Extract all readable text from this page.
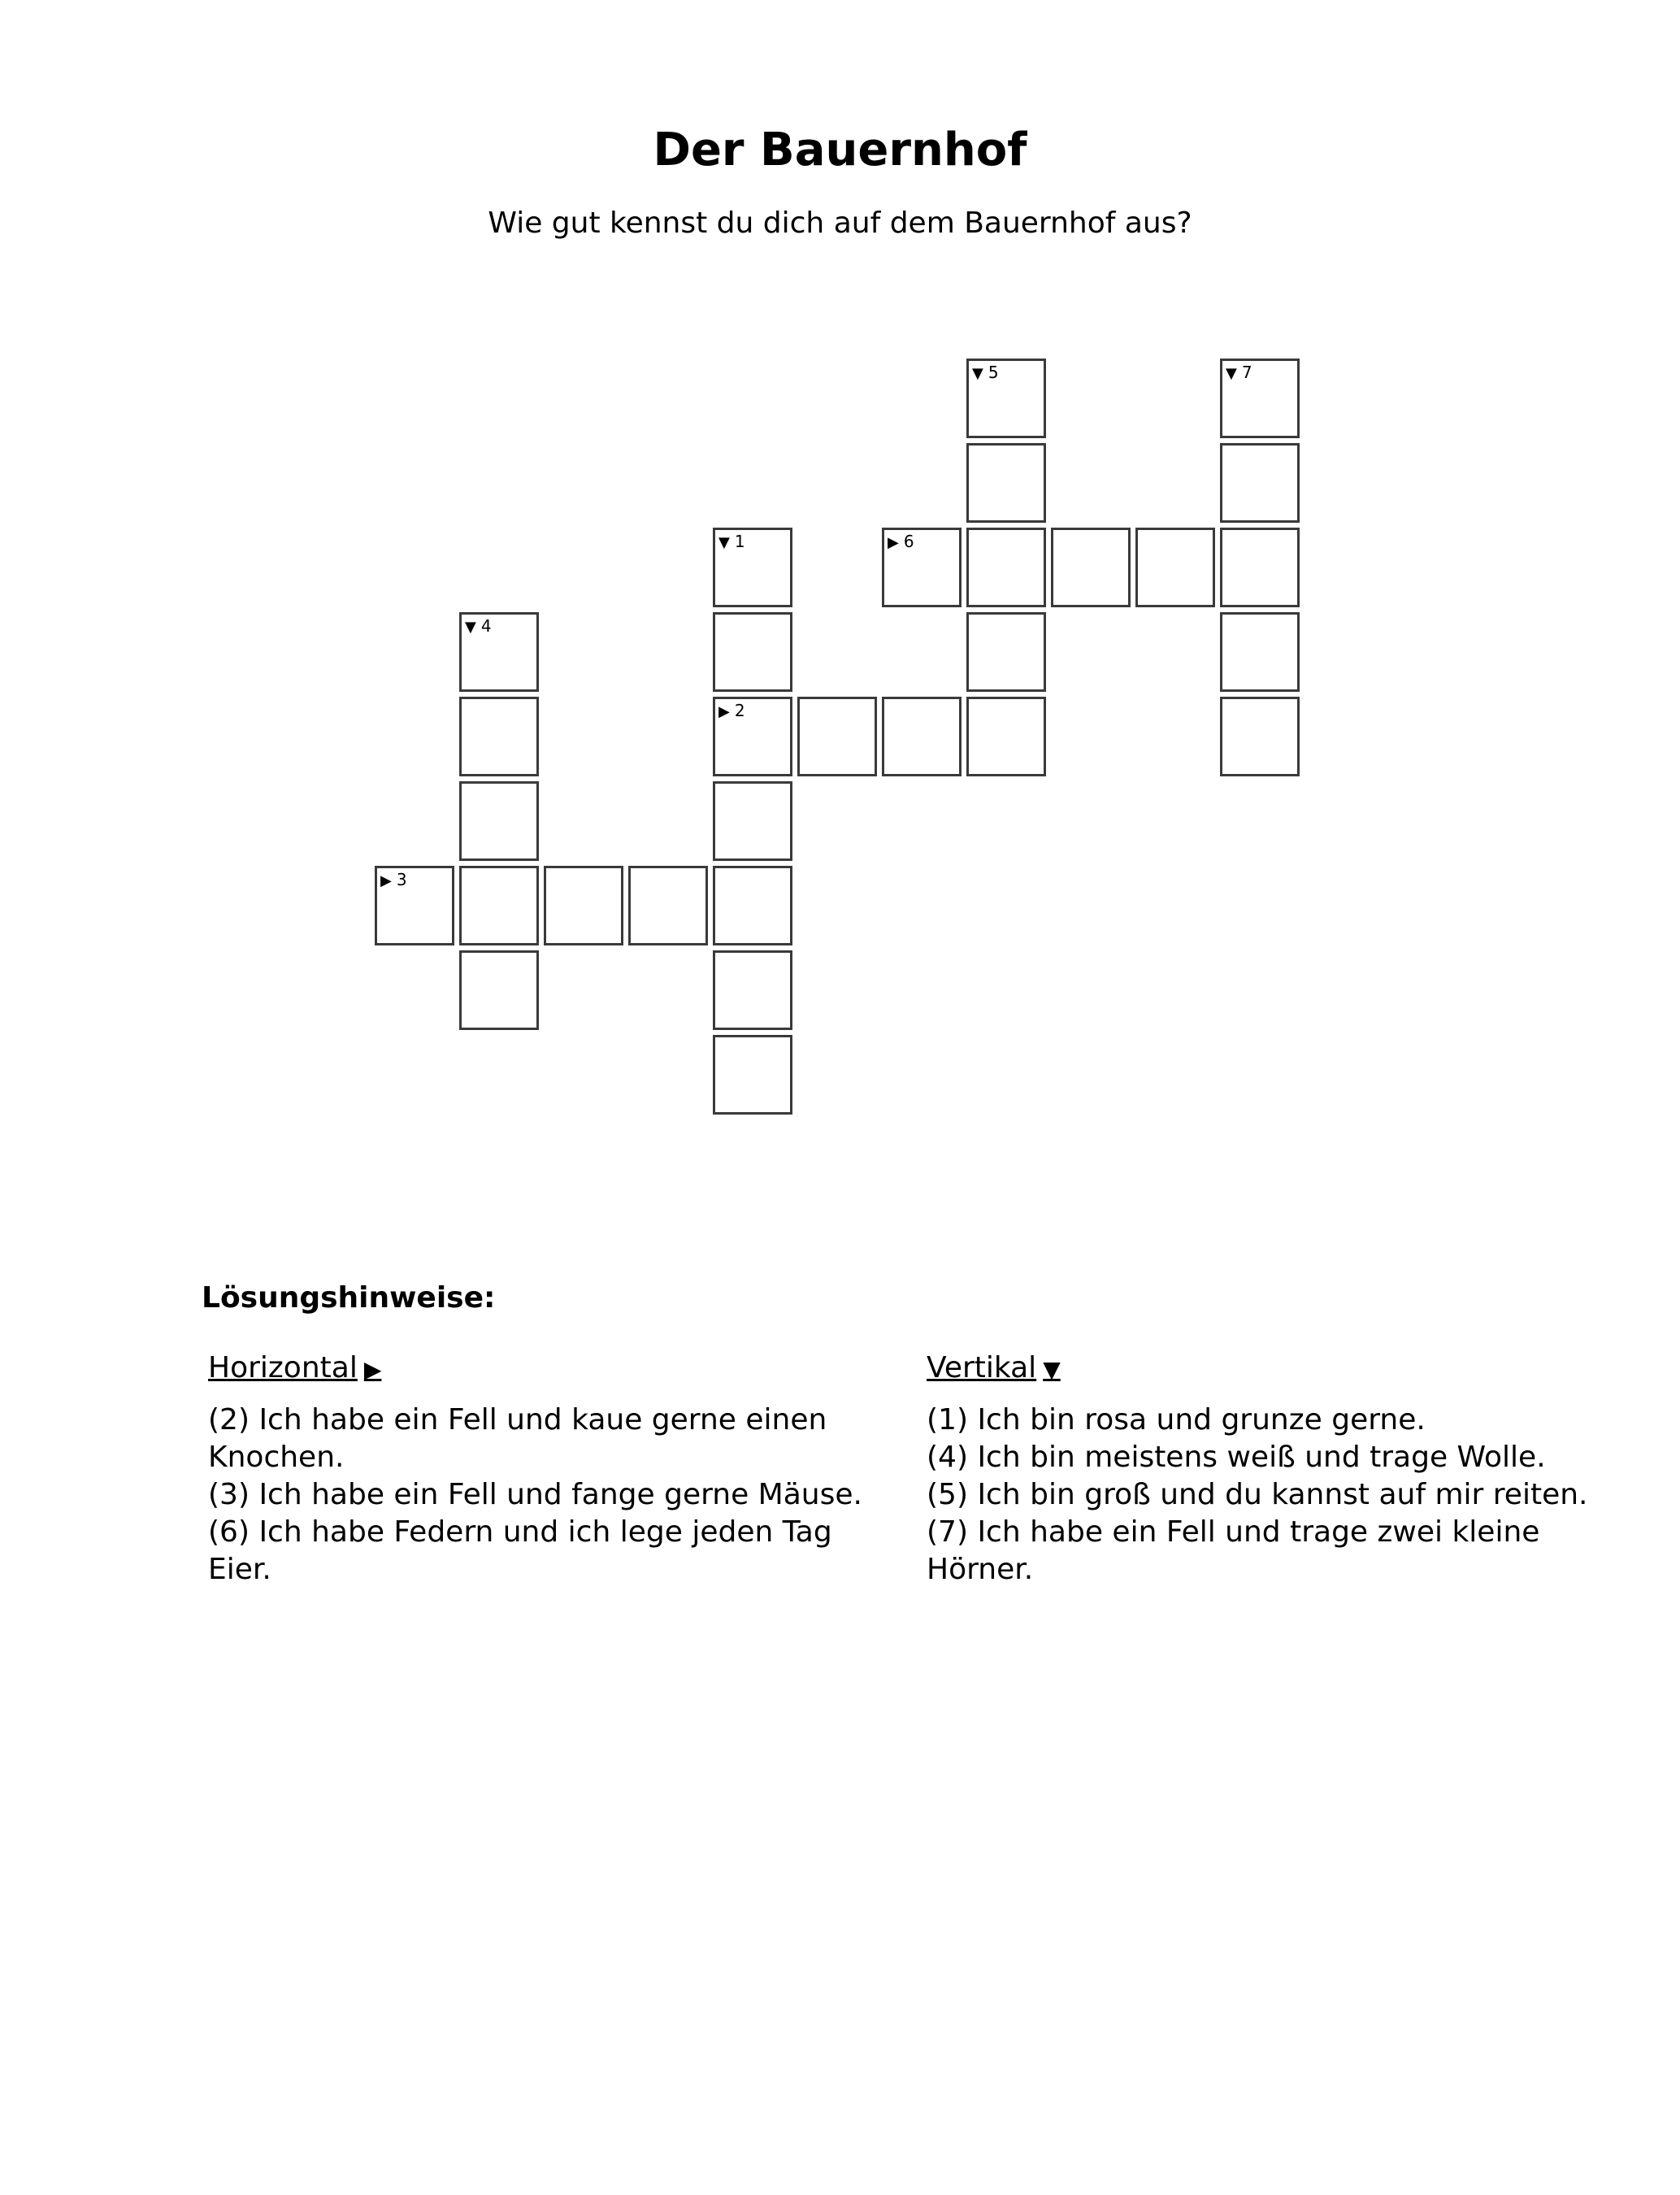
Der Bauernhof
Wie gut kennst du dich auf dem Bauernhof aus?
▼ 1
▶ 2
▶ 3
▼ 4
▼ 5
▶ 6
▼ 7
Lösungshinweise:
Horizontal ▶
(2) Ich habe ein Fell und kaue gerne einen Knochen.
(3) Ich habe ein Fell und fange gerne Mäuse.
(6) Ich habe Federn und ich lege jeden Tag Eier.
Vertikal ▼
(1) Ich bin rosa und grunze gerne.
(4) Ich bin meistens weiß und trage Wolle.
(5) Ich bin groß und du kannst auf mir reiten.
(7) Ich habe ein Fell und trage zwei kleine Hörner.
